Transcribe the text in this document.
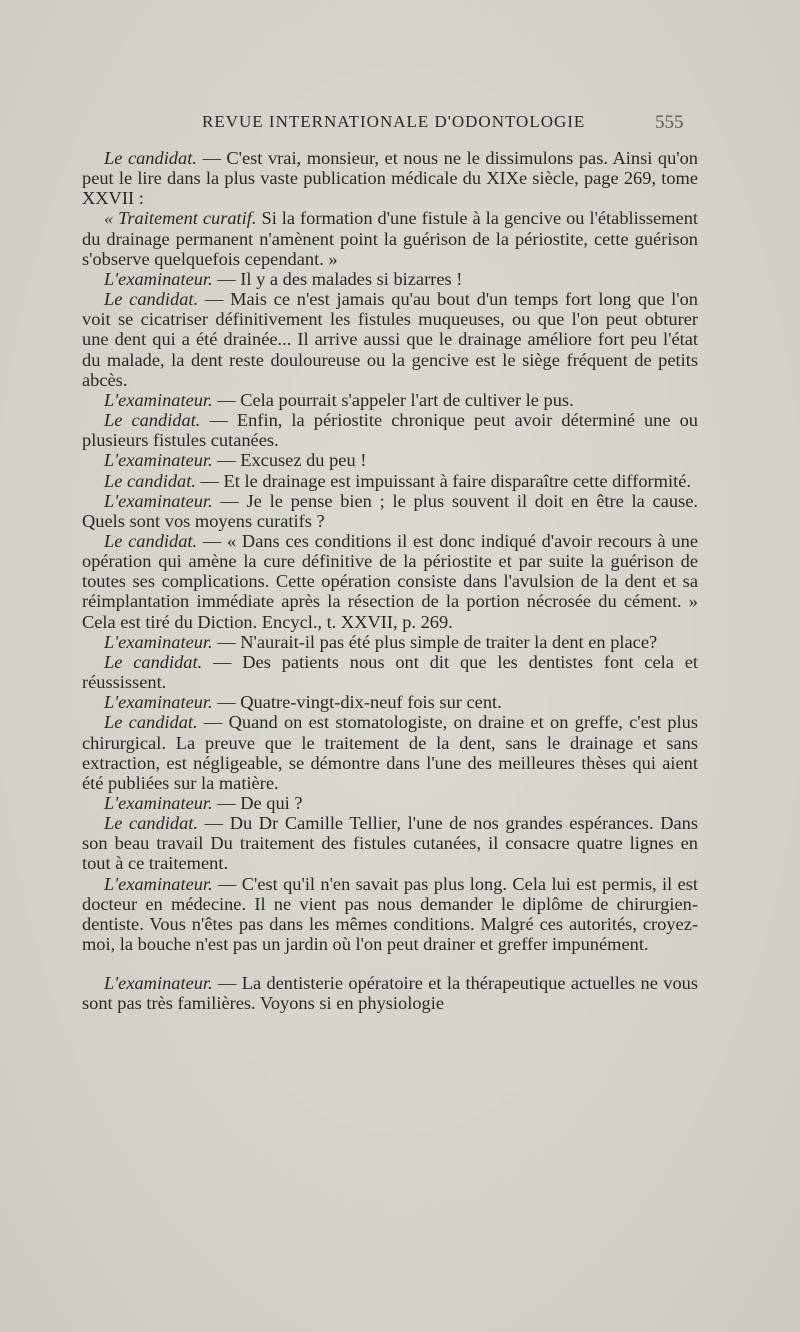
REVUE INTERNATIONALE D'ODONTOLOGIE	555

Le candidat. — C'est vrai, monsieur, et nous ne le dissimulons pas. Ainsi qu'on peut le lire dans la plus vaste publication médicale du XIXe siècle, page 269, tome XXVII :

« Traitement curatif. Si la formation d'une fistule à la gencive ou l'établissement du drainage permanent n'amènent point la guérison de la périostite, cette guérison s'observe quelquefois cependant. »

L'examinateur. — Il y a des malades si bizarres !

Le candidat. — Mais ce n'est jamais qu'au bout d'un temps fort long que l'on voit se cicatriser définitivement les fistules muqueuses, ou que l'on peut obturer une dent qui a été drainée... Il arrive aussi que le drainage améliore fort peu l'état du malade, la dent reste douloureuse ou la gencive est le siège fréquent de petits abcès.

L'examinateur. — Cela pourrait s'appeler l'art de cultiver le pus.

Le candidat. — Enfin, la périostite chronique peut avoir déterminé une ou plusieurs fistules cutanées.

L'examinateur. — Excusez du peu !

Le candidat. — Et le drainage est impuissant à faire disparaître cette difformité.

L'examinateur. — Je le pense bien ; le plus souvent il doit en être la cause. Quels sont vos moyens curatifs ?

Le candidat. — « Dans ces conditions il est donc indiqué d'avoir recours à une opération qui amène la cure définitive de la périostite et par suite la guérison de toutes ses complications. Cette opération consiste dans l'avulsion de la dent et sa réimplantation immédiate après la résection de la portion nécrosée du cément. » Cela est tiré du Diction. Encycl., t. XXVII, p. 269.

L'examinateur. — N'aurait-il pas été plus simple de traiter la dent en place?

Le candidat. — Des patients nous ont dit que les dentistes font cela et réussissent.

L'examinateur. — Quatre-vingt-dix-neuf fois sur cent.

Le candidat. — Quand on est stomatologiste, on draine et on greffe, c'est plus chirurgical. La preuve que le traitement de la dent, sans le drainage et sans extraction, est négligeable, se démontre dans l'une des meilleures thèses qui aient été publiées sur la matière.

L'examinateur. — De qui ?

Le candidat. — Du Dr Camille Tellier, l'une de nos grandes espérances. Dans son beau travail Du traitement des fistules cutanées, il consacre quatre lignes en tout à ce traitement.

L'examinateur. — C'est qu'il n'en savait pas plus long. Cela lui est permis, il est docteur en médecine. Il ne vient pas nous demander le diplôme de chirurgien-dentiste. Vous n'êtes pas dans les mêmes conditions. Malgré ces autorités, croyez-moi, la bouche n'est pas un jardin où l'on peut drainer et greffer impunément.

L'examinateur. — La dentisterie opératoire et la thérapeutique actuelles ne vous sont pas très familières. Voyons si en physiologie
